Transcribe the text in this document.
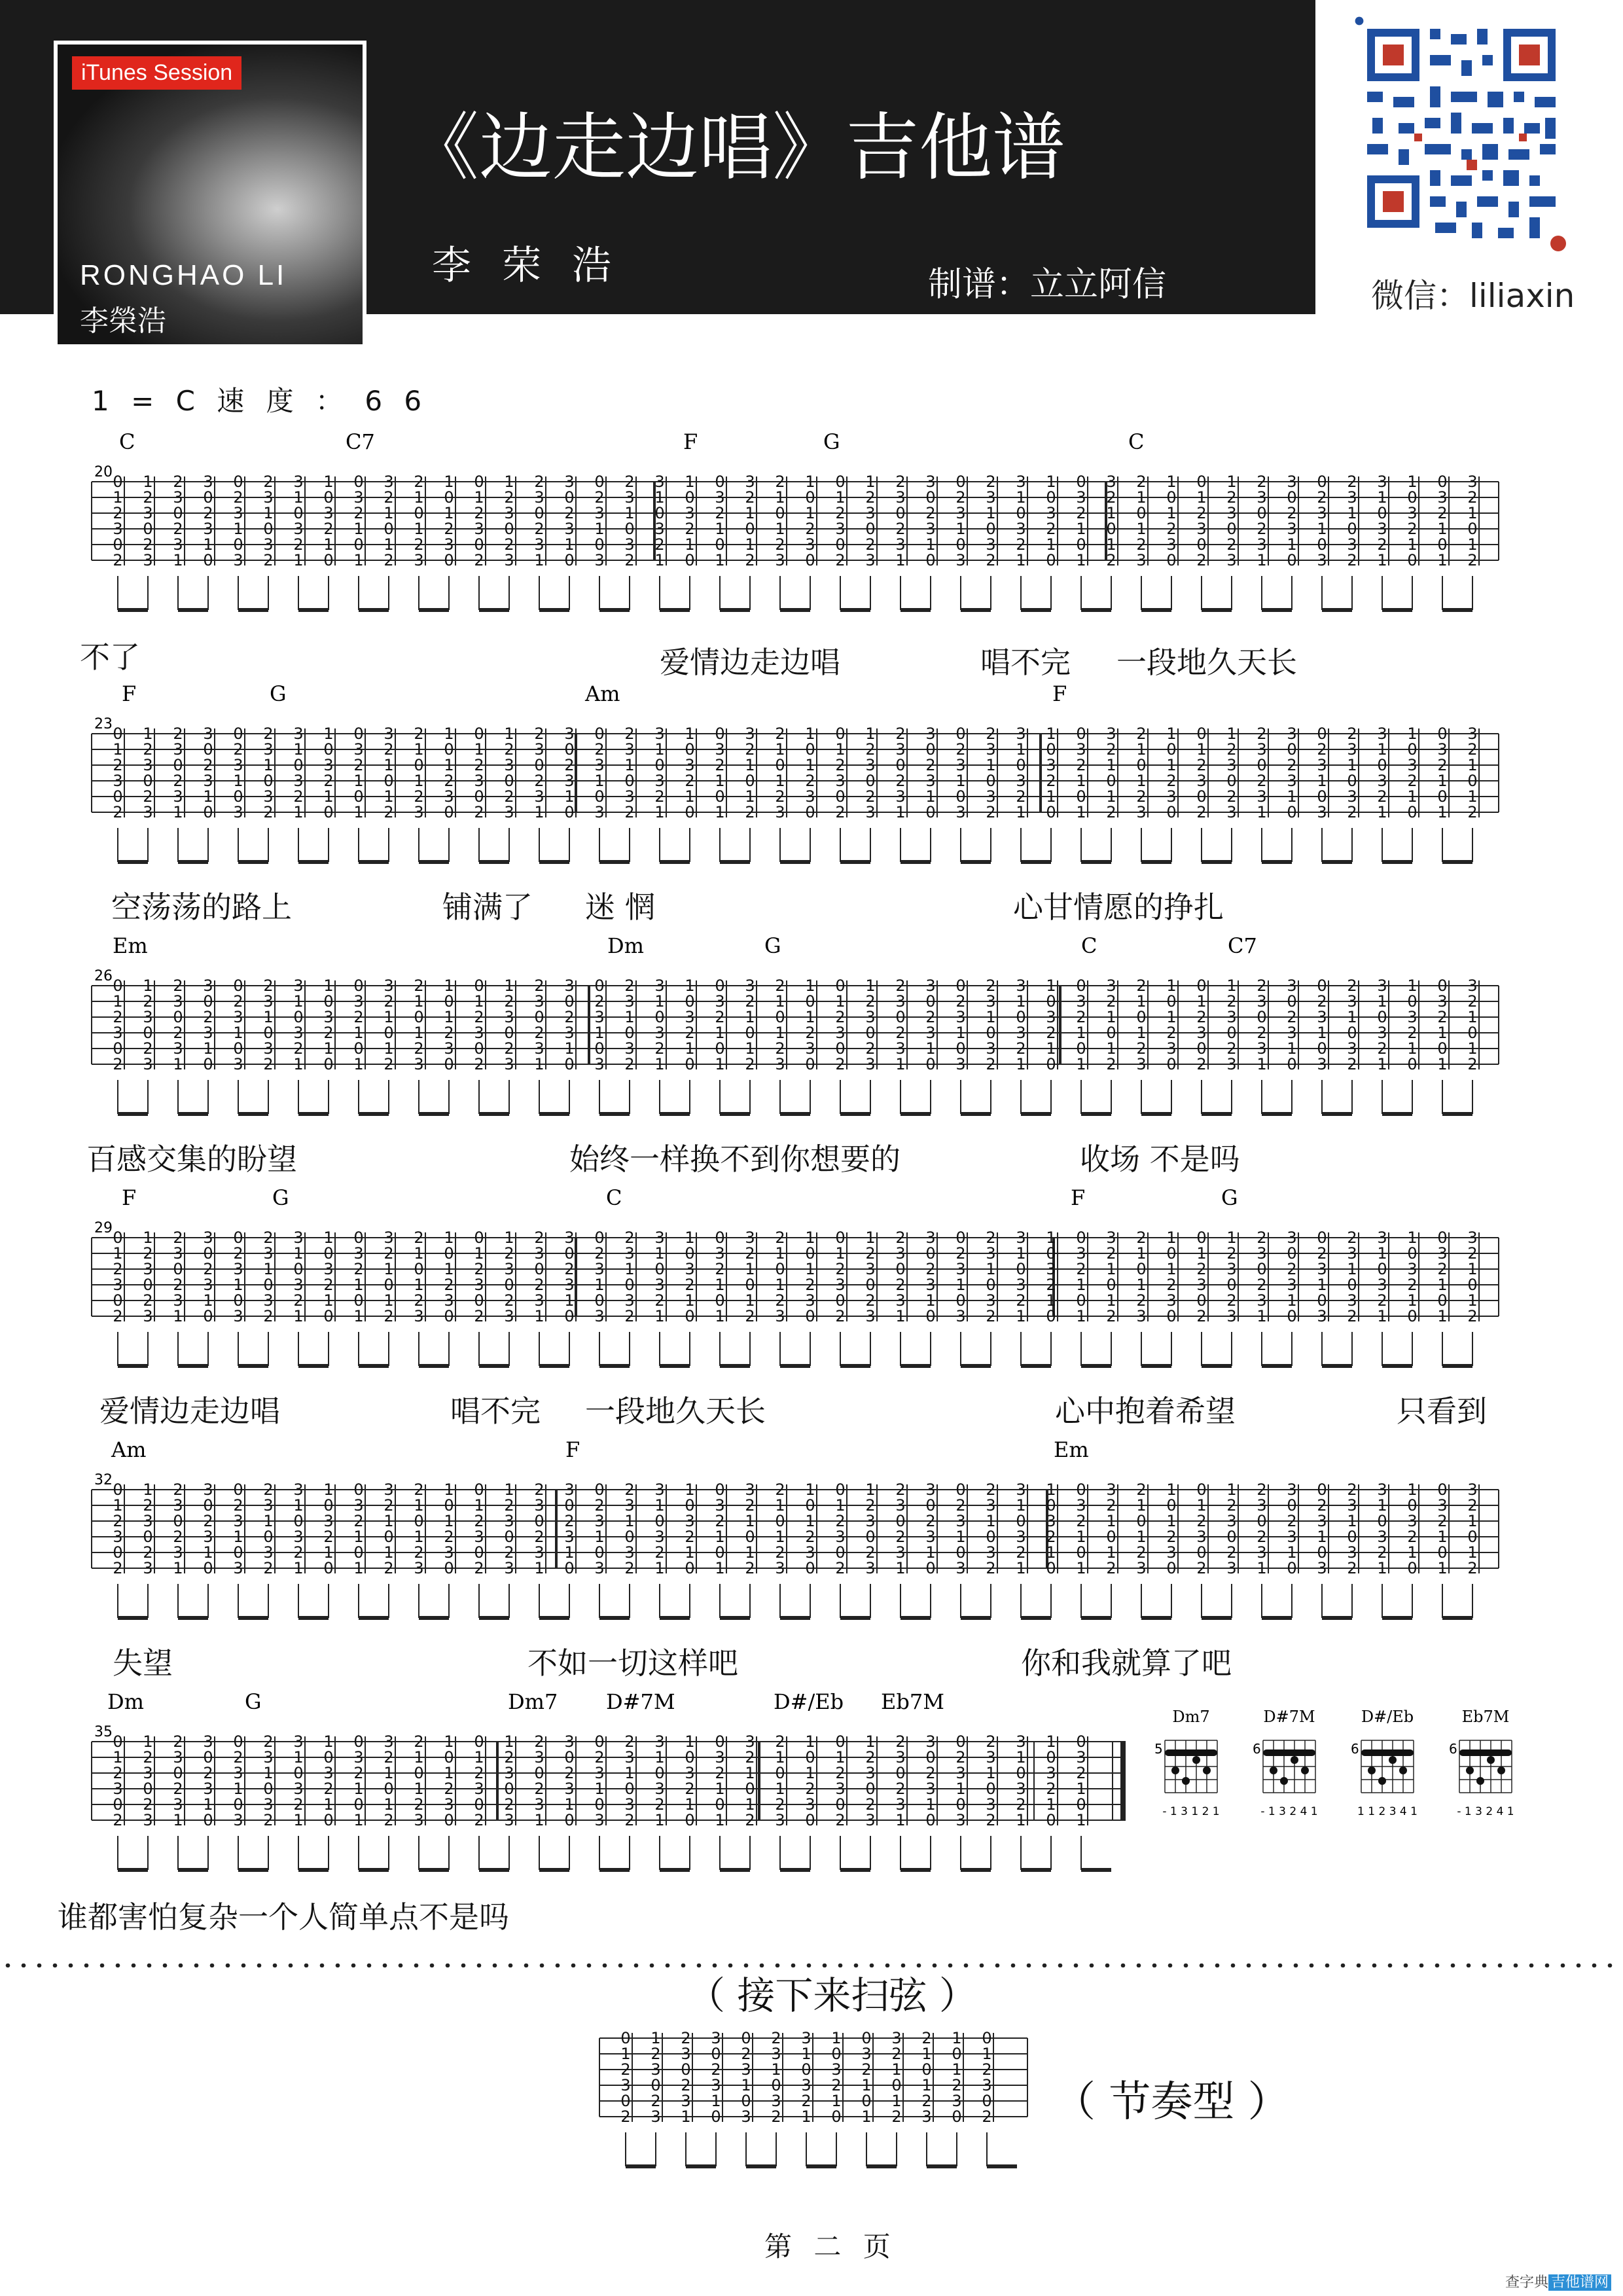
iTunes Session
RONGHAO LI
李榮浩
《边走边唱》吉他谱
李 荣 浩	制谱：立立阿信	微信：liliaxin
1 = C 速 度 ： 6 6
C	C7	F	G	C
20
0
1
2
3
0
2
1
2
3
0
2
3
2
3
0
2
3
1
3
0
2
3
1
0
0
2
3
1
0
3
2
3
1
0
3
2
3
1
0
3
2
1
1
0
3
2
1
0
0
3
2
1
0
1
3
2
1
0
1
2
2
1
0
1
2
3
1
0
1
2
3
0
0
1
2
3
0
2
1
2
3
0
2
3
2
3
0
2
3
1
3
0
2
3
1
0
0
2
3
1
0
3
2
3
1
0
3
2
3
1
0
3
2
1
1
0
3
2
1
0
0
3
2
1
0
1
3
2
1
0
1
2
2
1
0
1
2
3
1
0
1
2
3
0
0
1
2
3
0
2
1
2
3
0
2
3
2
3
0
2
3
1
3
0
2
3
1
0
0
2
3
1
0
3
2
3
1
0
3
2
3
1
0
3
2
1
1
0
3
2
1
0
0
3
2
1
0
1
3
2
1
0
1
2
2
1
0
1
2
3
1
0
1
2
3
0
0
1
2
3
0
2
1
2
3
0
2
3
2
3
0
2
3
1
3
0
2
3
1
0
0
2
3
1
0
3
2
3
1
0
3
2
3
1
0
3
2
1
1
0
3
2
1
0
0
3
2
1
0
1
3
2
1
0
1
2
不了	爱情边走边唱	唱不完 一段地久天长
F	G	Am	F
23
0
1
2
3
0
2
1
2
3
0
2
3
2
3
0
2
3
1
3
0
2
3
1
0
0
2
3
1
0
3
2
3
1
0
3
2
3
1
0
3
2
1
1
0
3
2
1
0
0
3
2
1
0
1
3
2
1
0
1
2
2
1
0
1
2
3
1
0
1
2
3
0
0
1
2
3
0
2
1
2
3
0
2
3
2
3
0
2
3
1
3
0
2
3
1
0
0
2
3
1
0
3
2
3
1
0
3
2
3
1
0
3
2
1
1
0
3
2
1
0
0
3
2
1
0
1
3
2
1
0
1
2
2
1
0
1
2
3
1
0
1
2
3
0
0
1
2
3
0
2
1
2
3
0
2
3
2
3
0
2
3
1
3
0
2
3
1
0
0
2
3
1
0
3
2
3
1
0
3
2
3
1
0
3
2
1
1
0
3
2
1
0
0
3
2
1
0
1
3
2
1
0
1
2
2
1
0
1
2
3
1
0
1
2
3
0
0
1
2
3
0
2
1
2
3
0
2
3
2
3
0
2
3
1
3
0
2
3
1
0
0
2
3
1
0
3
2
3
1
0
3
2
3
1
0
3
2
1
1
0
3
2
1
0
0
3
2
1
0
1
3
2
1
0
1
2
空荡荡的路上	铺满了 迷 惘	心甘情愿的挣扎
Em	Dm	G	C	C7
26
0
1
2
3
0
2
1
2
3
0
2
3
2
3
0
2
3
1
3
0
2
3
1
0
0
2
3
1
0
3
2
3
1
0
3
2
3
1
0
3
2
1
1
0
3
2
1
0
0
3
2
1
0
1
3
2
1
0
1
2
2
1
0
1
2
3
1
0
1
2
3
0
0
1
2
3
0
2
1
2
3
0
2
3
2
3
0
2
3
1
3
0
2
3
1
0
0
2
3
1
0
3
2
3
1
0
3
2
3
1
0
3
2
1
1
0
3
2
1
0
0
3
2
1
0
1
3
2
1
0
1
2
2
1
0
1
2
3
1
0
1
2
3
0
0
1
2
3
0
2
1
2
3
0
2
3
2
3
0
2
3
1
3
0
2
3
1
0
0
2
3
1
0
3
2
3
1
0
3
2
3
1
0
3
2
1
1
0
3
2
1
0
0
3
2
1
0
1
3
2
1
0
1
2
2
1
0
1
2
3
1
0
1
2
3
0
0
1
2
3
0
2
1
2
3
0
2
3
2
3
0
2
3
1
3
0
2
3
1
0
0
2
3
1
0
3
2
3
1
0
3
2
3
1
0
3
2
1
1
0
3
2
1
0
0
3
2
1
0
1
3
2
1
0
1
2
百感交集的盼望	始终一样换不到你想要的	收场 不是吗
F	G	C	F	G
29
0
1
2
3
0
2
1
2
3
0
2
3
2
3
0
2
3
1
3
0
2
3
1
0
0
2
3
1
0
3
2
3
1
0
3
2
3
1
0
3
2
1
1
0
3
2
1
0
0
3
2
1
0
1
3
2
1
0
1
2
2
1
0
1
2
3
1
0
1
2
3
0
0
1
2
3
0
2
1
2
3
0
2
3
2
3
0
2
3
1
3
0
2
3
1
0
0
2
3
1
0
3
2
3
1
0
3
2
3
1
0
3
2
1
1
0
3
2
1
0
0
3
2
1
0
1
3
2
1
0
1
2
2
1
0
1
2
3
1
0
1
2
3
0
0
1
2
3
0
2
1
2
3
0
2
3
2
3
0
2
3
1
3
0
2
3
1
0
0
2
3
1
0
3
2
3
1
0
3
2
3
1
0
3
2
1
1
0
3
2
1
0
0
3
2
1
0
1
3
2
1
0
1
2
2
1
0
1
2
3
1
0
1
2
3
0
0
1
2
3
0
2
1
2
3
0
2
3
2
3
0
2
3
1
3
0
2
3
1
0
0
2
3
1
0
3
2
3
1
0
3
2
3
1
0
3
2
1
1
0
3
2
1
0
0
3
2
1
0
1
3
2
1
0
1
2
爱情边走边唱	唱不完 一段地久天长	心中抱着希望	只看到
Am	F	Em
32
0
1
2
3
0
2
1
2
3
0
2
3
2
3
0
2
3
1
3
0
2
3
1
0
0
2
3
1
0
3
2
3
1
0
3
2
3
1
0
3
2
1
1
0
3
2
1
0
0
3
2
1
0
1
3
2
1
0
1
2
2
1
0
1
2
3
1
0
1
2
3
0
0
1
2
3
0
2
1
2
3
0
2
3
2
3
0
2
3
1
3
0
2
3
1
0
0
2
3
1
0
3
2
3
1
0
3
2
3
1
0
3
2
1
1
0
3
2
1
0
0
3
2
1
0
1
3
2
1
0
1
2
2
1
0
1
2
3
1
0
1
2
3
0
0
1
2
3
0
2
1
2
3
0
2
3
2
3
0
2
3
1
3
0
2
3
1
0
0
2
3
1
0
3
2
3
1
0
3
2
3
1
0
3
2
1
1
0
3
2
1
0
0
3
2
1
0
1
3
2
1
0
1
2
2
1
0
1
2
3
1
0
1
2
3
0
0
1
2
3
0
2
1
2
3
0
2
3
2
3
0
2
3
1
3
0
2
3
1
0
0
2
3
1
0
3
2
3
1
0
3
2
3
1
0
3
2
1
1
0
3
2
1
0
0
3
2
1
0
1
3
2
1
0
1
2
失望	不如一切这样吧	你和我就算了吧
Dm	G	Dm7 D#7M	D#/Eb Eb7M
35
0
1
2
3
0
2
1
2
3
0
2
3
2
3
0
2
3
1
3
0
2
3
1
0
0
2
3
1
0
3
2
3
1
0
3
2
3
1
0
3
2
1
1
0
3
2
1
0
0
3
2
1
0
1
3
2
1
0
1
2
2
1
0
1
2
3
1
0
1
2
3
0
0
1
2
3
0
2
1
2
3
0
2
3
2
3
0
2
3
1
3
0
2
3
1
0
0
2
3
1
0
3
2
3
1
0
3
2
3
1
0
3
2
1
1
0
3
2
1
0
0
3
2
1
0
1
3
2
1
0
1
2
2
1
0
1
2
3
1
0
1
2
3
0
0
1
2
3
0
2
1
2
3
0
2
3
2
3
0
2
3
1
3
0
2
3
1
0
0
2
3
1
0
3
2
3
1
0
3
2
3
1
0
3
2
1
1
0
3
2
1
0
0
3
2
1
0
1
Dm7
5
- 1 3 1 2 1
D#7M
6
- 1 3 2 4 1
D#/Eb
6
1 1 2 3 4 1
Eb7M
6
- 1 3 2 4 1
谁都害怕复杂一个人简单点不是吗
（ 接下来扫弦 ）
0
1
2
3
0
2
1
2
3
0
2
3
2
3
0
2
3
1
3
0
2
3
1
0
0
2
3
1
0
3
2
3
1
0
3
2
3
1
0
3
2
1
1
0
3
2
1
0
0
3
2
1
0
1
3
2
1
0
1
2
2
1
0
1
2
3
1
0
1
2
3
0
0
1
2
3
0
2 （ 节奏型 ）
第 二 页
查字典 吉他谱网
